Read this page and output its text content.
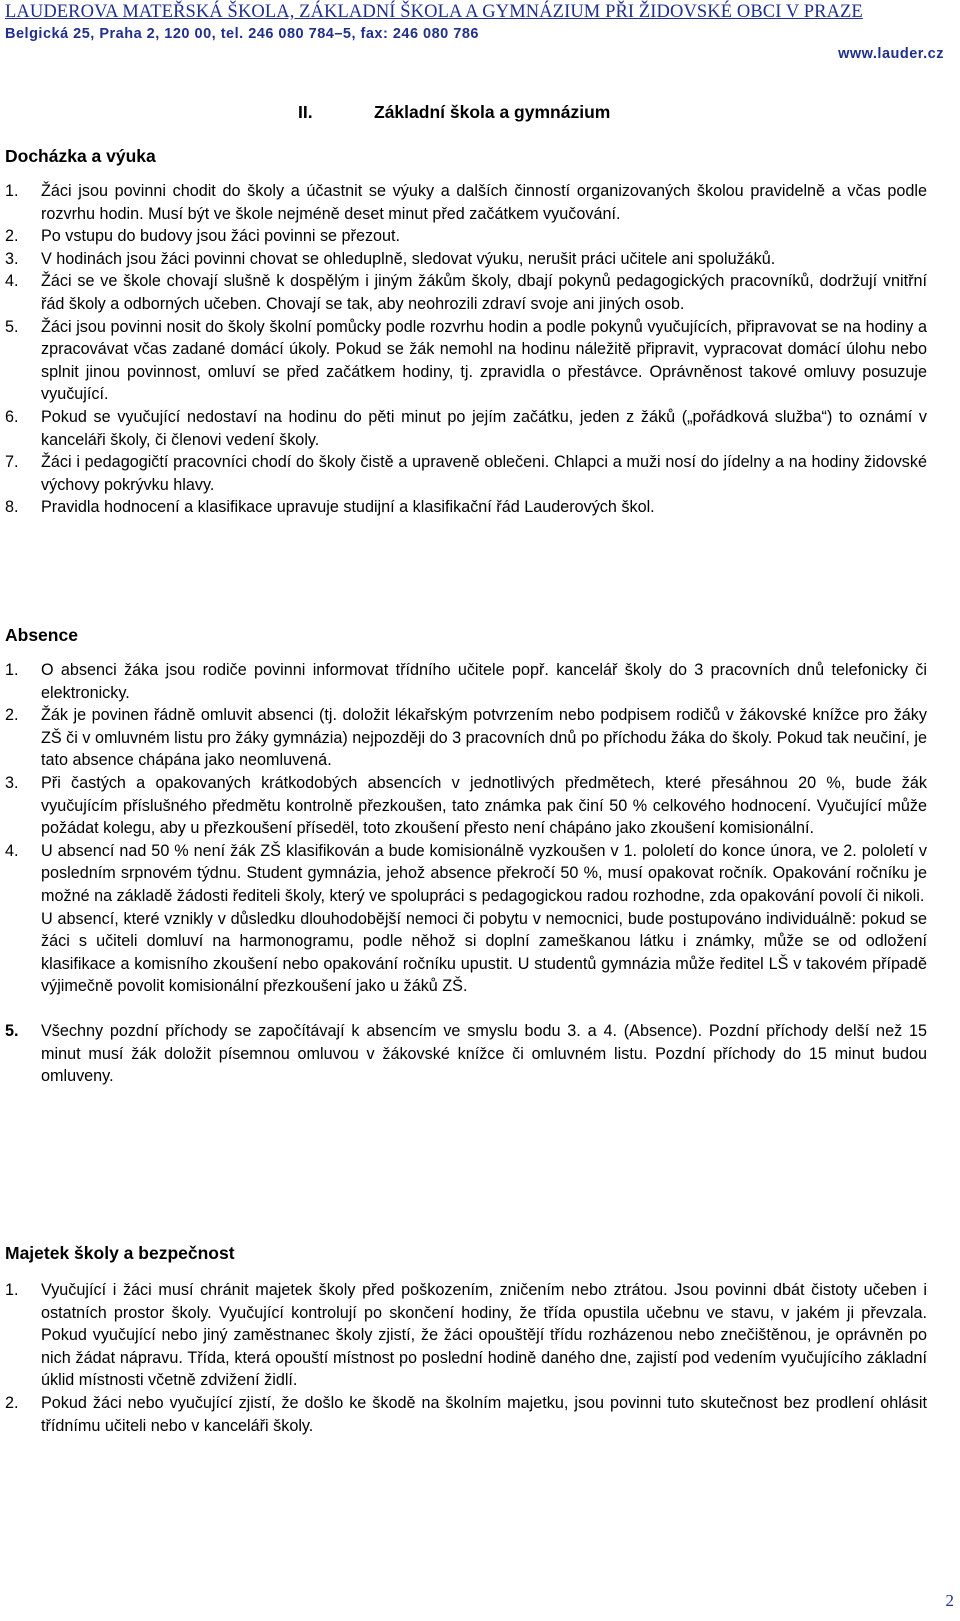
LAUDEROVA MATEŘSKÁ ŠKOLA, ZÁKLADNÍ ŠKOLA A GYMNÁZIUM PŘI ŽIDOVSKÉ OBCI V PRAZE
Belgická 25, Praha 2, 120 00, tel. 246 080 784–5, fax: 246 080 786
www.lauder.cz
II.	Základní škola a gymnázium
Docházka a výuka
1. Žáci jsou povinni chodit do školy a účastnit se výuky a dalších činností organizovaných školou pravidelně a včas podle rozvrhu hodin. Musí být ve škole nejméně deset minut před začátkem vyučování.
2. Po vstupu do budovy jsou žáci povinni se přezout.
3. V hodinách jsou žáci povinni chovat se ohleduplně, sledovat výuku, nerušit práci učitele ani spolužáků.
4. Žáci se ve škole chovají slušně k dospělým i jiným žákům školy, dbají pokynů pedagogických pracovníků, dodržují vnitřní řád školy a odborných učeben. Chovají se tak, aby neohrozili zdraví svoje ani jiných osob.
5. Žáci jsou povinni nosit do školy školní pomůcky podle rozvrhu hodin a podle pokynů vyučujících, připravovat se na hodiny a zpracovávat včas zadané domácí úkoly. Pokud se žák nemohl na hodinu náležitě připravit, vypracovat domácí úlohu nebo splnit jinou povinnost, omluví se před začátkem hodiny, tj. zpravidla o přestávce. Oprávněnost takové omluvy posuzuje vyučující.
6. Pokud se vyučující nedostaví na hodinu do pěti minut po jejím začátku, jeden z žáků („pořádková služba“) to oznámí v kanceláři školy, či členovi vedení školy.
7. Žáci i pedagogičtí pracovníci chodí do školy čistě a upraveně oblečeni. Chlapci a muži nosí do jídelny a na hodiny židovské výchovy pokrývku hlavy.
8. Pravidla hodnocení a klasifikace upravuje studijní a klasifikační řád Lauderových škol.
Absence
1. O absenci žáka jsou rodiče povinni informovat třídního učitele popř. kancelář školy do 3 pracovních dnů telefonicky či elektronicky.
2. Žák je povinen řádně omluvit absenci (tj. doložit lékařským potvrzením nebo podpisem rodičů v žákovské knížce pro žáky ZŠ či v omluvném listu pro žáky gymnázia) nejpozději do 3 pracovních dnů po příchodu žáka do školy. Pokud tak neučiní, je tato absence chápána jako neomluvená.
3. Při častých a opakovaných krátkodobých absencích v jednotlivých předmětech, které přesáhnou 20 %, bude žák vyučujícím příslušného předmětu kontrolně přezkoušen, tato známka pak činí 50 % celkového hodnocení. Vyučující může požádat kolegu, aby u přezkoušení přísedël, toto zkoušení přesto není chápáno jako zkoušení komisionální.
4. U absencí nad 50 % není žák ZŠ klasifikován a bude komisionálně vyzkoušen v 1. pololetí do konce února, ve 2. pololetí v posledním srpnovém týdnu. Student gymnázia, jehož absence překročí 50 %, musí opakovat ročník. Opakování ročníku je možné na základě žádosti řediteli školy, který ve spolupráci s pedagogickou radou rozhodne, zda opakování povolí či nikoli.
U absencí, které vznikly v důsledku dlouhodobější nemoci či pobytu v nemocnici, bude postupováno individuálně: pokud se žáci s učiteli domluví na harmonogramu, podle něhož si doplní zameškanou látku i známky, může se od odložení klasifikace a komisního zkoušení nebo opakování ročníku upustit. U studentů gymnázia může ředitel LŠ v takovém případě výjimečně povolit komisionální přezkoušení jako u žáků ZŠ.
5. Všechny pozdní příchody se započítávají k absencím ve smyslu bodu 3. a 4. (Absence). Pozdní příchody delší než 15 minut musí žák doložit písemnou omluvou v žákovské knížce či omluvném listu. Pozdní příchody do 15 minut budou omluveny.
Majetek školy a bezpečnost
1. Vyučující i žáci musí chránit majetek školy před poškozením, zničením nebo ztrátou. Jsou povinni dbát čistoty učeben i ostatních prostor školy. Vyučující kontrolují po skončení hodiny, že třída opustila učebnu ve stavu, v jakém ji převzala. Pokud vyučující nebo jiný zaměstnanec školy zjistí, že žáci opouštějí třídu rozházenou nebo znečištěnou, je oprávněn po nich žádat nápravu. Třída, která opouští místnost po poslední hodině daného dne, zajistí pod vedením vyučujícího základní úklid místnosti včetně zdvižení židlí.
2. Pokud žáci nebo vyučující zjistí, že došlo ke škodě na školním majetku, jsou povinni tuto skutečnost bez prodlení ohlásit třídnímu učiteli nebo v kanceláři školy.
2
